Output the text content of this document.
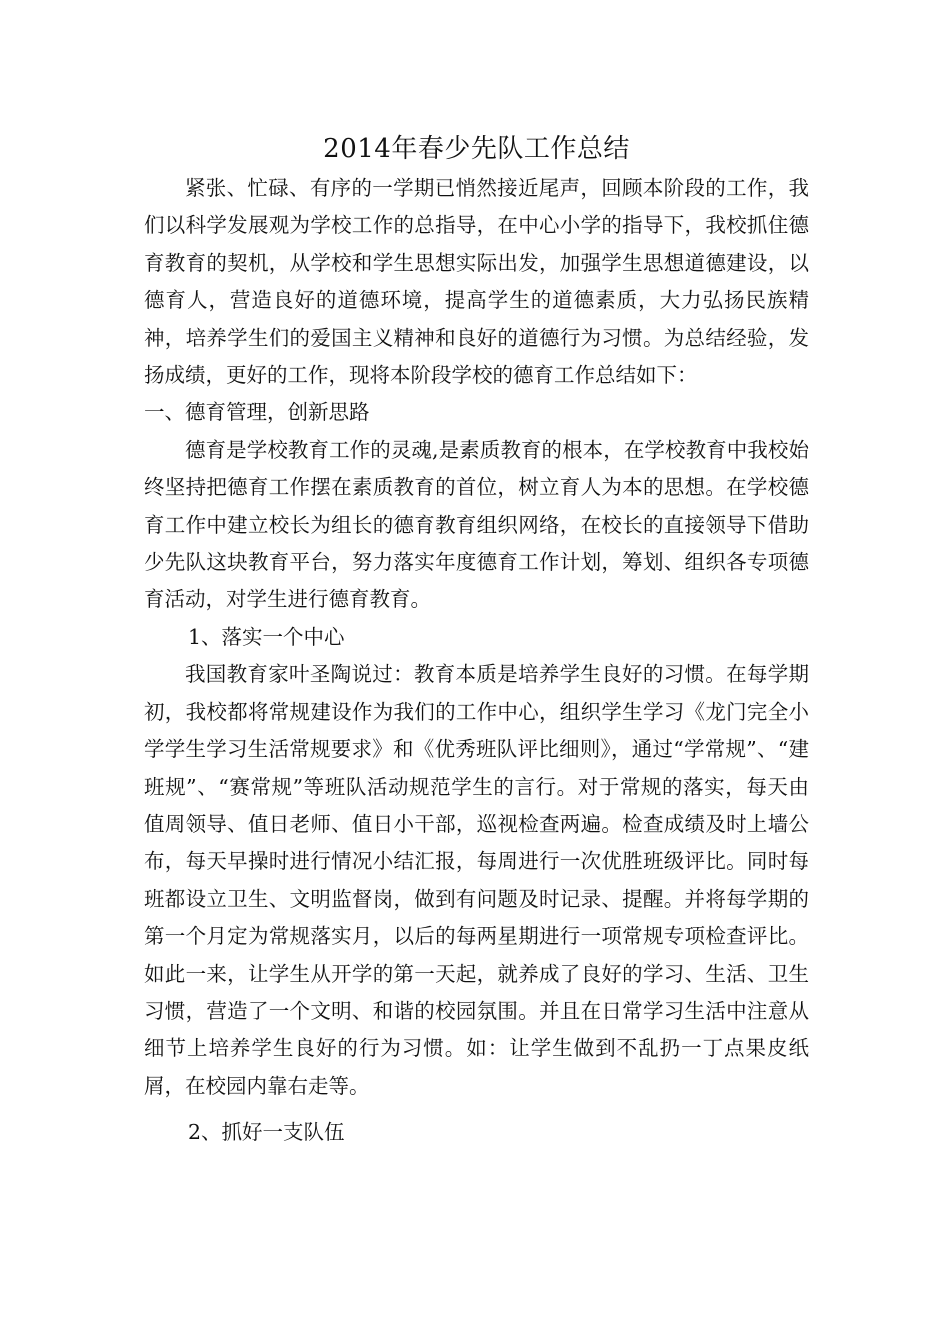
2014年春少先队工作总结

紧张、忙碌、有序的一学期已悄然接近尾声，回顾本阶段的工作，我们以科学发展观为学校工作的总指导，在中心小学的指导下，我校抓住德育教育的契机，从学校和学生思想实际出发，加强学生思想道德建设，以德育人，营造良好的道德环境，提高学生的道德素质，大力弘扬民族精神，培养学生们的爱国主义精神和良好的道德行为习惯。为总结经验，发扬成绩，更好的工作，现将本阶段学校的德育工作总结如下：

一、德育管理，创新思路

德育是学校教育工作的灵魂,是素质教育的根本，在学校教育中我校始终坚持把德育工作摆在素质教育的首位，树立育人为本的思想。在学校德育工作中建立校长为组长的德育教育组织网络，在校长的直接领导下借助少先队这块教育平台，努力落实年度德育工作计划，筹划、组织各专项德育活动，对学生进行德育教育。

1、落实一个中心

我国教育家叶圣陶说过：教育本质是培养学生良好的习惯。在每学期初，我校都将常规建设作为我们的工作中心，组织学生学习《龙门完全小学学生学习生活常规要求》和《优秀班队评比细则》，通过“学常规”、“建班规”、“赛常规”等班队活动规范学生的言行。对于常规的落实，每天由值周领导、值日老师、值日小干部，巡视检查两遍。检查成绩及时上墙公布，每天早操时进行情况小结汇报，每周进行一次优胜班级评比。同时每班都设立卫生、文明监督岗，做到有问题及时记录、提醒。并将每学期的第一个月定为常规落实月，以后的每两星期进行一项常规专项检查评比。如此一来，让学生从开学的第一天起，就养成了良好的学习、生活、卫生习惯，营造了一个文明、和谐的校园氛围。并且在日常学习生活中注意从细节上培养学生良好的行为习惯。如：让学生做到不乱扔一丁点果皮纸屑，在校园内靠右走等。

2、抓好一支队伍
